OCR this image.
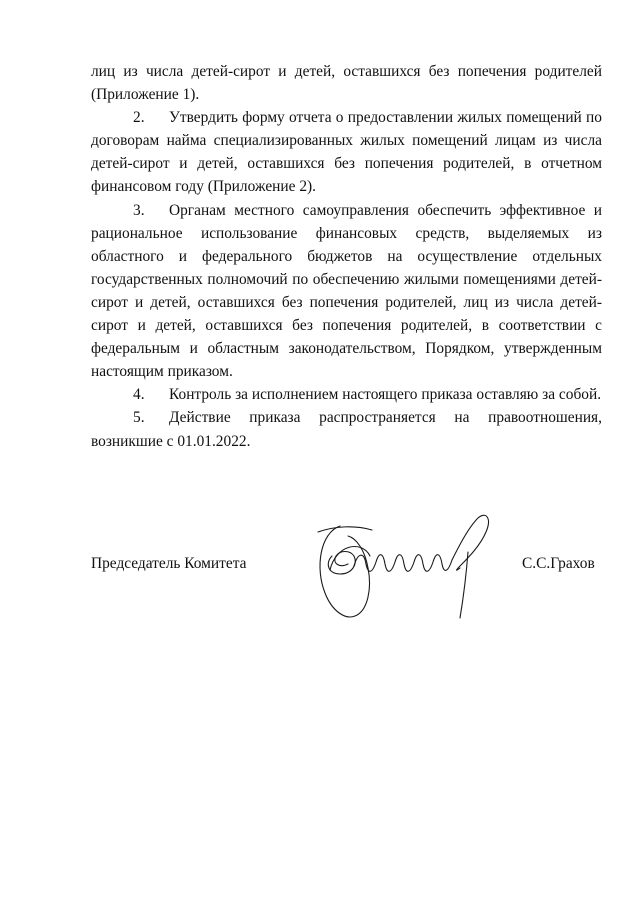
лиц из числа детей-сирот и детей, оставшихся без попечения родителей (Приложение 1).

2. Утвердить форму отчета о предоставлении жилых помещений по договорам найма специализированных жилых помещений лицам из числа детей-сирот и детей, оставшихся без попечения родителей, в отчетном финансовом году (Приложение 2).

3. Органам местного самоуправления обеспечить эффективное и рациональное использование финансовых средств, выделяемых из областного и федерального бюджетов на осуществление отдельных государственных полномочий по обеспечению жилыми помещениями детей-сирот и детей, оставшихся без попечения родителей, лиц из числа детей-сирот и детей, оставшихся без попечения родителей, в соответствии с федеральным и областным законодательством, Порядком, утвержденным настоящим приказом.

4. Контроль за исполнением настоящего приказа оставляю за собой.

5. Действие приказа распространяется на правоотношения, возникшие с 01.01.2022.

Председатель Комитета	С.С.Грахов
